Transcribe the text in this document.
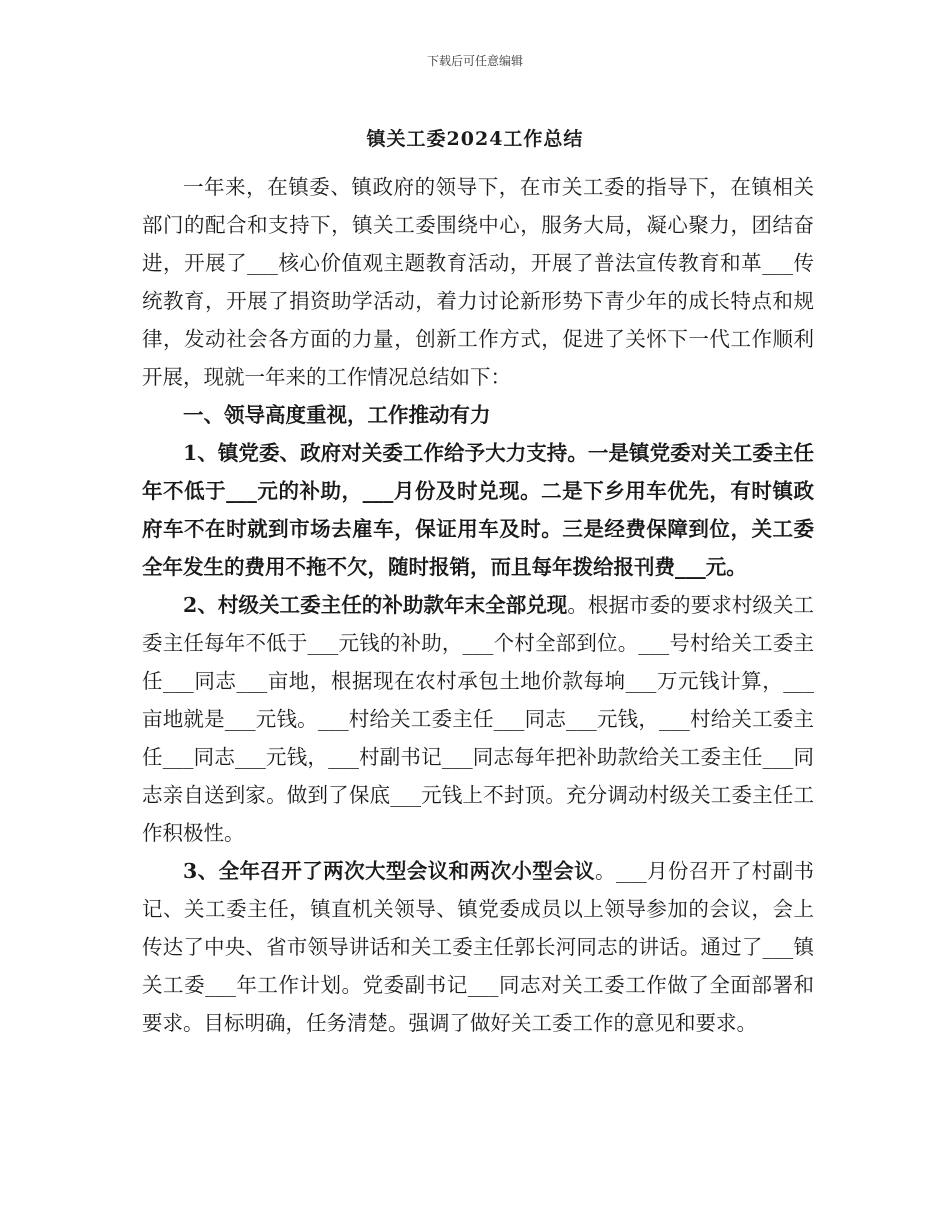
下载后可任意编辑
镇关工委2024工作总结

一年来，在镇委、镇政府的领导下，在市关工委的指导下，在镇相关部门的配合和支持下，镇关工委围绕中心，服务大局，凝心聚力，团结奋进，开展了___核心价值观主题教育活动，开展了普法宣传教育和革___传统教育，开展了捐资助学活动，着力讨论新形势下青少年的成长特点和规律，发动社会各方面的力量，创新工作方式，促进了关怀下一代工作顺利开展，现就一年来的工作情况总结如下：

一、领导高度重视，工作推动有力

1、镇党委、政府对关委工作给予大力支持。一是镇党委对关工委主任年不低于___元的补助，___月份及时兑现。二是下乡用车优先，有时镇政府车不在时就到市场去雇车，保证用车及时。三是经费保障到位，关工委全年发生的费用不拖不欠，随时报销，而且每年拨给报刊费___元。

2、村级关工委主任的补助款年末全部兑现。根据市委的要求村级关工委主任每年不低于___元钱的补助，___个村全部到位。___号村给关工委主任___同志___亩地，根据现在农村承包土地价款每垧___万元钱计算，___亩地就是___元钱。___村给关工委主任___同志___元钱，___村给关工委主任___同志___元钱，___村副书记___同志每年把补助款给关工委主任___同志亲自送到家。做到了保底___元钱上不封顶。充分调动村级关工委主任工作积极性。

3、全年召开了两次大型会议和两次小型会议。___月份召开了村副书记、关工委主任，镇直机关领导、镇党委成员以上领导参加的会议，会上传达了中央、省市领导讲话和关工委主任郭长河同志的讲话。通过了___镇关工委___年工作计划。党委副书记___同志对关工委工作做了全面部署和要求。目标明确，任务清楚。强调了做好关工委工作的意见和要求。
